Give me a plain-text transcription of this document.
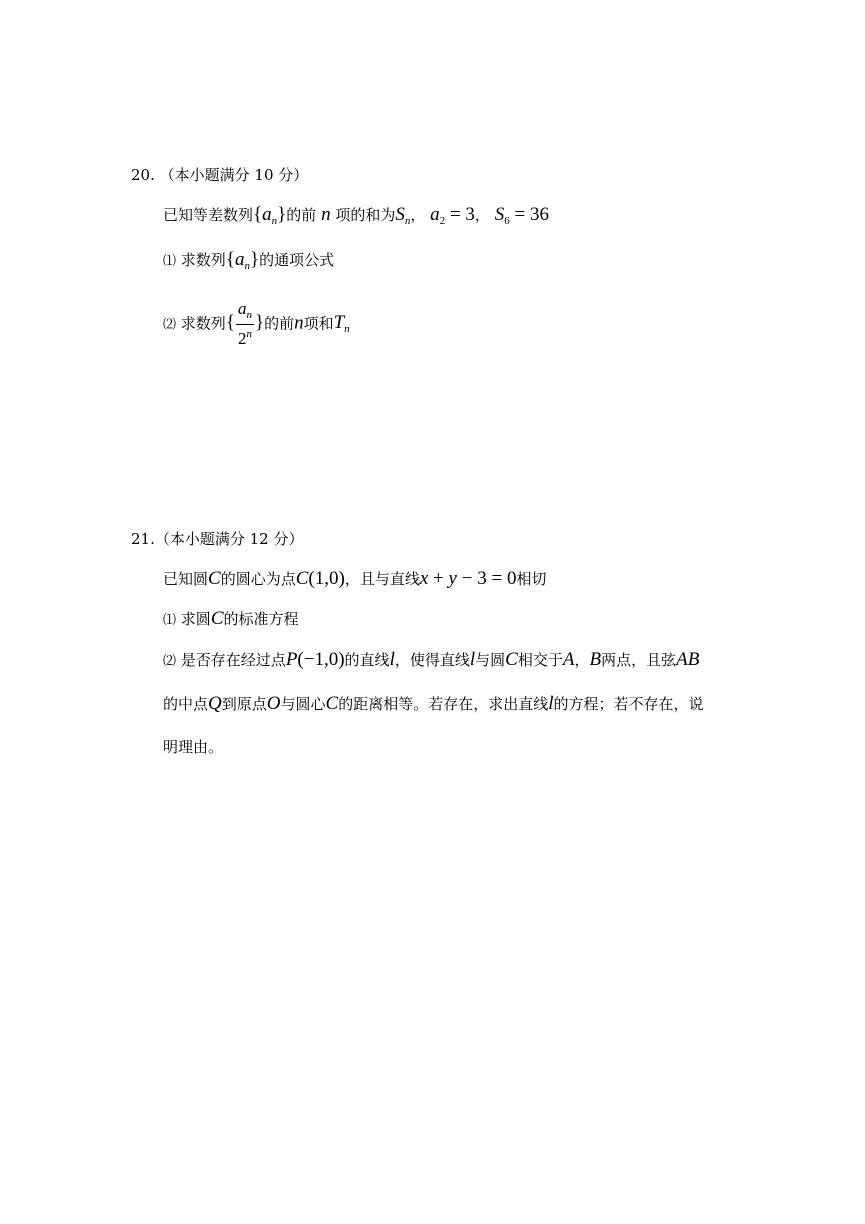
20. （本小题满分 10 分）
已知等差数列$\{a_n\}$的前 n 项的和为$S_n$， $a_2 = 3$， $S_6 = 36$
⑴ 求数列$\{a_n\}$的通项公式
⑵ 求数列{ $\frac{a_n}{2^n}$ }的前n项和$T_n$
21.（本小题满分 12 分）
已知圆C的圆心为点C(1,0)，且与直线x + y − 3 = 0相切
⑴ 求圆C的标准方程
⑵ 是否存在经过点P(−1,0)的直线l，使得直线l与圆C相交于A，B两点，且弦AB
的中点Q到原点O与圆心C的距离相等。若存在，求出直线l的方程；若不存在，说
明理由。
